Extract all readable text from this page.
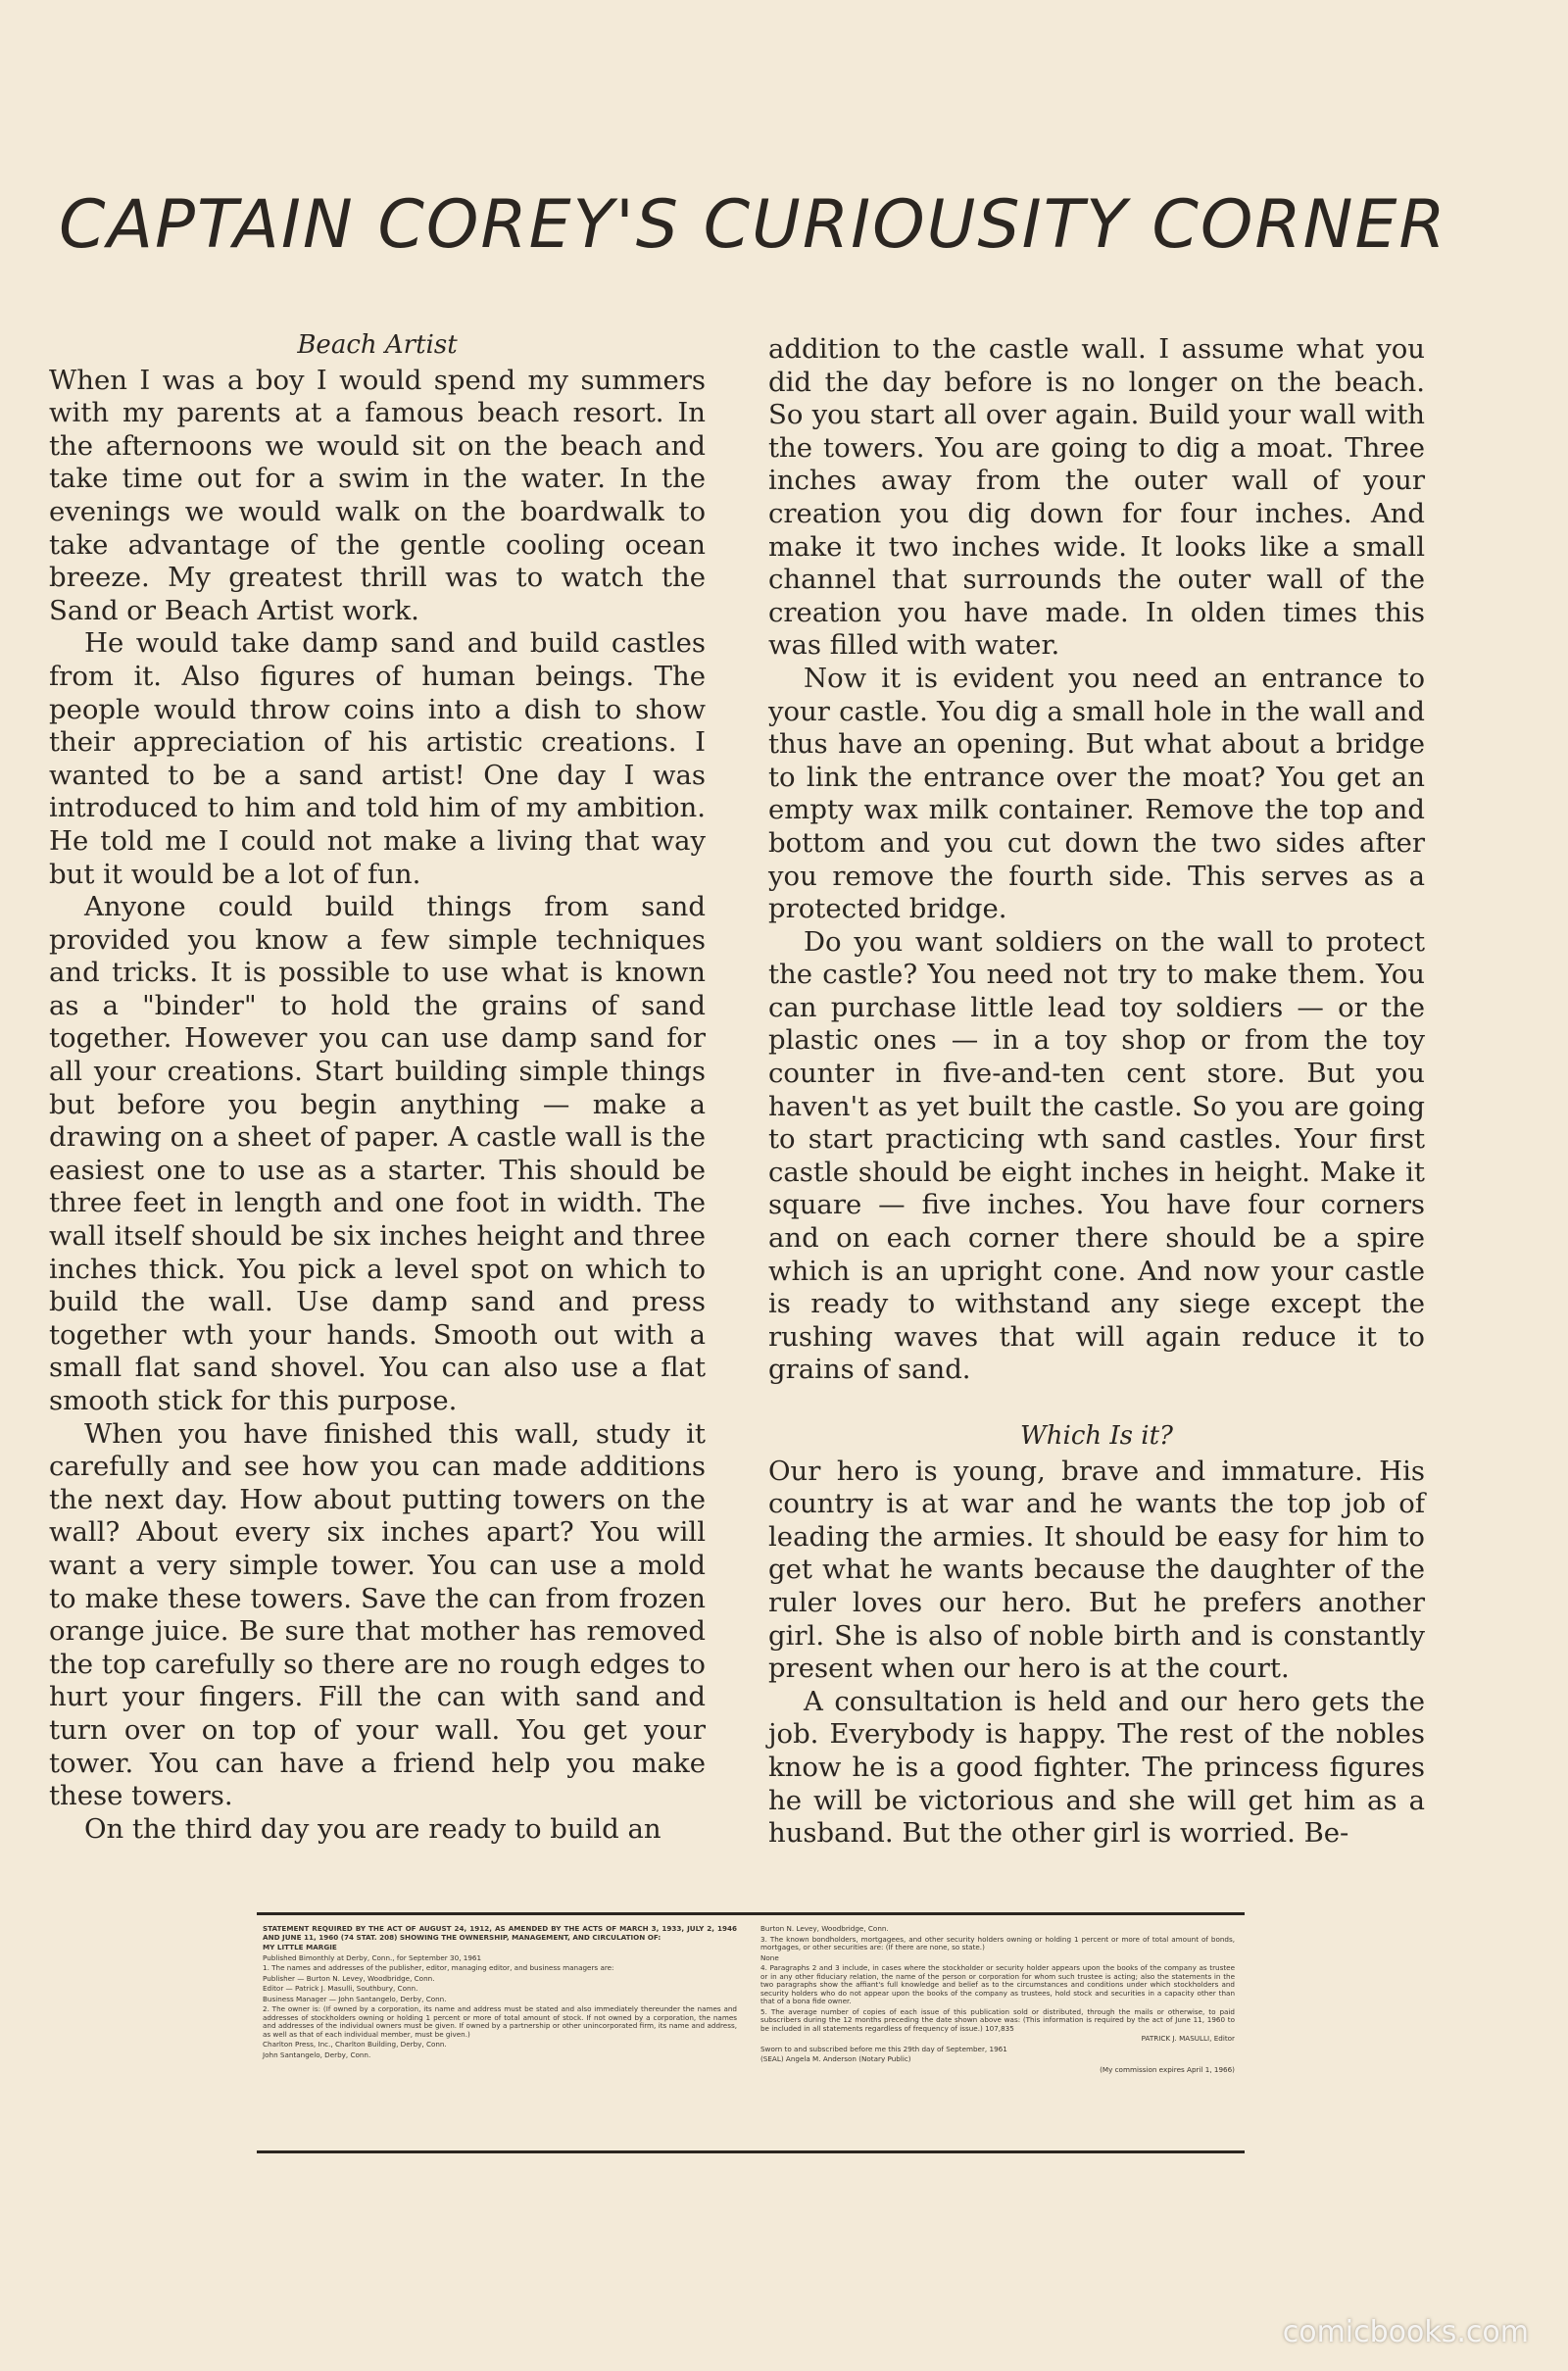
CAPTAIN COREY'S CURIOUSITY CORNER
Beach Artist

When I was a boy I would spend my summers with my parents at a famous beach resort. In the afternoons we would sit on the beach and take time out for a swim in the water. In the evenings we would walk on the boardwalk to take advantage of the gentle cooling ocean breeze. My greatest thrill was to watch the Sand or Beach Artist work.

He would take damp sand and build castles from it. Also figures of human beings. The people would throw coins into a dish to show their appreciation of his artistic creations. I wanted to be a sand artist! One day I was introduced to him and told him of my ambition. He told me I could not make a living that way but it would be a lot of fun.

Anyone could build things from sand provided you know a few simple techniques and tricks. It is possible to use what is known as a "binder" to hold the grains of sand together. However you can use damp sand for all your creations. Start building simple things but before you begin anything — make a drawing on a sheet of paper. A castle wall is the easiest one to use as a starter. This should be three feet in length and one foot in width. The wall itself should be six inches height and three inches thick. You pick a level spot on which to build the wall. Use damp sand and press together wth your hands. Smooth out with a small flat sand shovel. You can also use a flat smooth stick for this purpose.

When you have finished this wall, study it carefully and see how you can made additions the next day. How about putting towers on the wall? About every six inches apart? You will want a very simple tower. You can use a mold to make these towers. Save the can from frozen orange juice. Be sure that mother has removed the top carefully so there are no rough edges to hurt your fingers. Fill the can with sand and turn over on top of your wall. You get your tower. You can have a friend help you make these towers.

On the third day you are ready to build an

addition to the castle wall. I assume what you did the day before is no longer on the beach. So you start all over again. Build your wall with the towers. You are going to dig a moat. Three inches away from the outer wall of your creation you dig down for four inches. And make it two inches wide. It looks like a small channel that surrounds the outer wall of the creation you have made. In olden times this was filled with water.

Now it is evident you need an entrance to your castle. You dig a small hole in the wall and thus have an opening. But what about a bridge to link the entrance over the moat? You get an empty wax milk container. Remove the top and bottom and you cut down the two sides after you remove the fourth side. This serves as a protected bridge.

Do you want soldiers on the wall to protect the castle? You need not try to make them. You can purchase little lead toy soldiers — or the plastic ones — in a toy shop or from the toy counter in five-and-ten cent store. But you haven't as yet built the castle. So you are going to start practicing wth sand castles. Your first castle should be eight inches in height. Make it square — five inches. You have four corners and on each corner there should be a spire which is an upright cone. And now your castle is ready to withstand any siege except the rushing waves that will again reduce it to grains of sand.

Which Is it?

Our hero is young, brave and immature. His country is at war and he wants the top job of leading the armies. It should be easy for him to get what he wants because the daughter of the ruler loves our hero. But he prefers another girl. She is also of noble birth and is constantly present when our hero is at the court.

A consultation is held and our hero gets the job. Everybody is happy. The rest of the nobles know he is a good fighter. The princess figures he will be victorious and she will get him as a husband. But the other girl is worried. Be-

STATEMENT REQUIRED BY THE ACT OF AUGUST 24, 1912, AS AMENDED BY THE ACTS OF MARCH 3, 1933, JULY 2, 1946 AND JUNE 11, 1960 (74 STAT. 208) SHOWING THE OWNERSHIP, MANAGEMENT, AND CIRCULATION OF:

MY LITTLE MARGIE

Published Bimonthly at Derby, Conn., for September 30, 1961

1. The names and addresses of the publisher, editor, managing editor, and business managers are:

Publisher — Burton N. Levey, Woodbridge, Conn.

Editor — Patrick J. Masulli, Southbury, Conn.

Business Manager — John Santangelo, Derby, Conn.

2. The owner is: (If owned by a corporation, its name and address must be stated and also immediately thereunder the names and addresses of stockholders owning or holding 1 percent or more of total amount of stock. If not owned by a corporation, the names and addresses of the individual owners must be given. If owned by a partnership or other unincorporated firm, its name and address, as well as that of each individual member, must be given.)

Charlton Press, Inc., Charlton Building, Derby, Conn.

John Santangelo, Derby, Conn.

Burton N. Levey, Woodbridge, Conn.

3. The known bondholders, mortgagees, and other security holders owning or holding 1 percent or more of total amount of bonds, mortgages, or other securities are: (If there are none, so state.)

None

4. Paragraphs 2 and 3 include, in cases where the stockholder or security holder appears upon the books of the company as trustee or in any other fiduciary relation, the name of the person or corporation for whom such trustee is acting; also the statements in the two paragraphs show the affiant's full knowledge and belief as to the circumstances and conditions under which stockholders and security holders who do not appear upon the books of the company as trustees, hold stock and securities in a capacity other than that of a bona fide owner.

5. The average number of copies of each issue of this publication sold or distributed, through the mails or otherwise, to paid subscribers during the 12 months preceding the date shown above was: (This information is required by the act of June 11, 1960 to be included in all statements regardless of frequency of issue.) 107,835

PATRICK J. MASULLI, Editor

Sworn to and subscribed before me this 29th day of September, 1961

(SEAL) Angela M. Anderson (Notary Public)

(My commission expires April 1, 1966)

comicbooks.com
